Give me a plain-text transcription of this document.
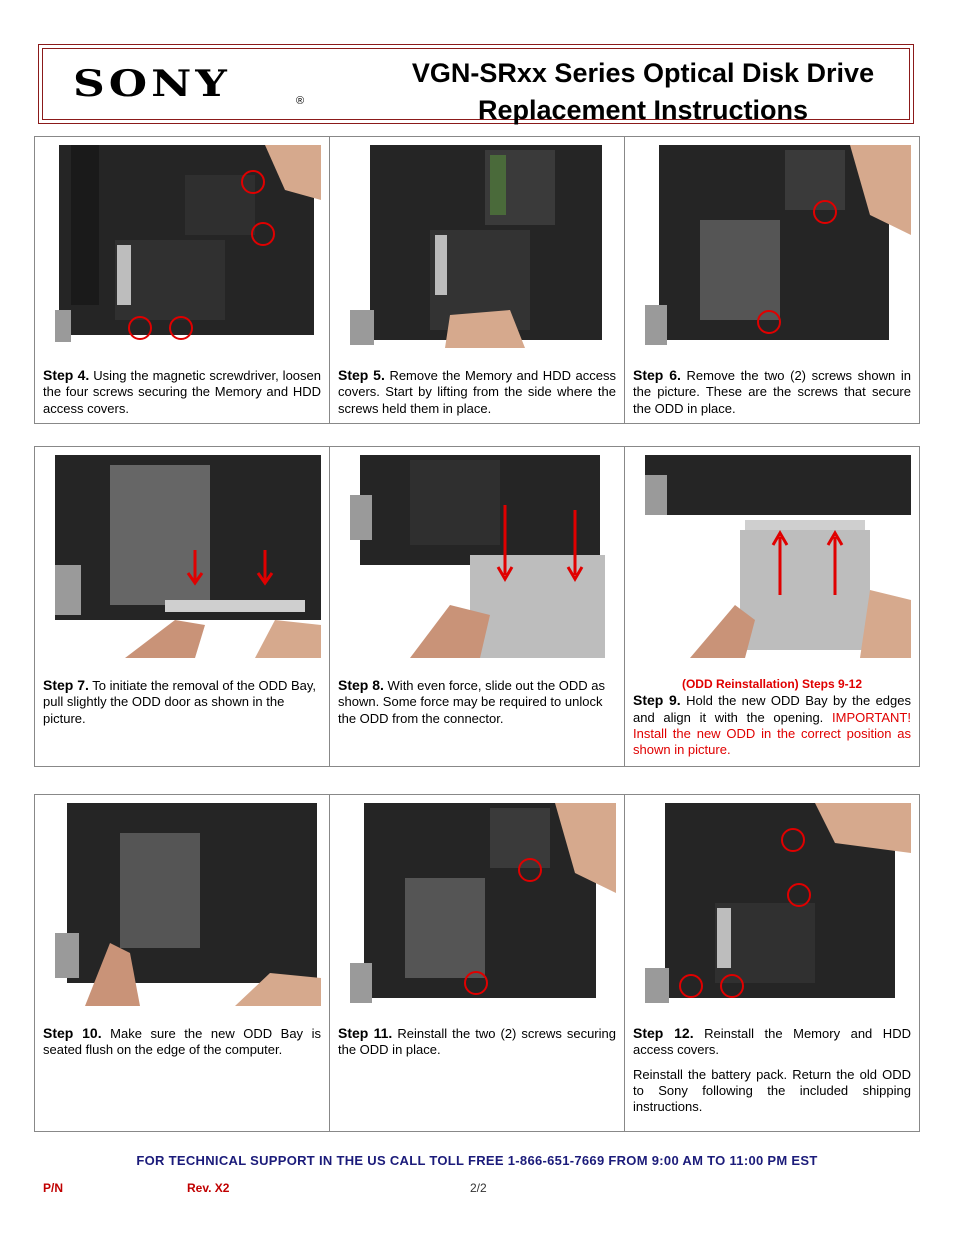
SONY	®
VGN-SRxx Series Optical Disk Drive
Replacement Instructions
Step 4. Using the magnetic screwdriver, loosen the four screws securing the Memory and HDD access covers.
Step 5. Remove the Memory and HDD access covers. Start by lifting from the side where the screws held them in place.
Step 6. Remove the two (2) screws shown in the picture. These are the screws that secure the ODD in place.
Step 7. To initiate the removal of the ODD Bay, pull slightly the ODD door as shown in the picture.
Step 8. With even force, slide out the ODD as shown. Some force may be required to unlock the ODD from the connector.
(ODD Reinstallation) Steps 9-12
Step 9. Hold the new ODD Bay by the edges and align it with the opening. IMPORTANT! Install the new ODD in the correct position as shown in picture.
Step 10. Make sure the new ODD Bay is seated flush on the edge of the computer.
Step 11. Reinstall the two (2) screws securing the ODD in place.
Step 12. Reinstall the Memory and HDD access covers.
Reinstall the battery pack. Return the old ODD to Sony following the included shipping instructions.
FOR TECHNICAL SUPPORT IN THE US CALL TOLL FREE 1-866-651-7669 FROM 9:00 AM TO 11:00 PM EST
P/N	Rev. X2	2/2
